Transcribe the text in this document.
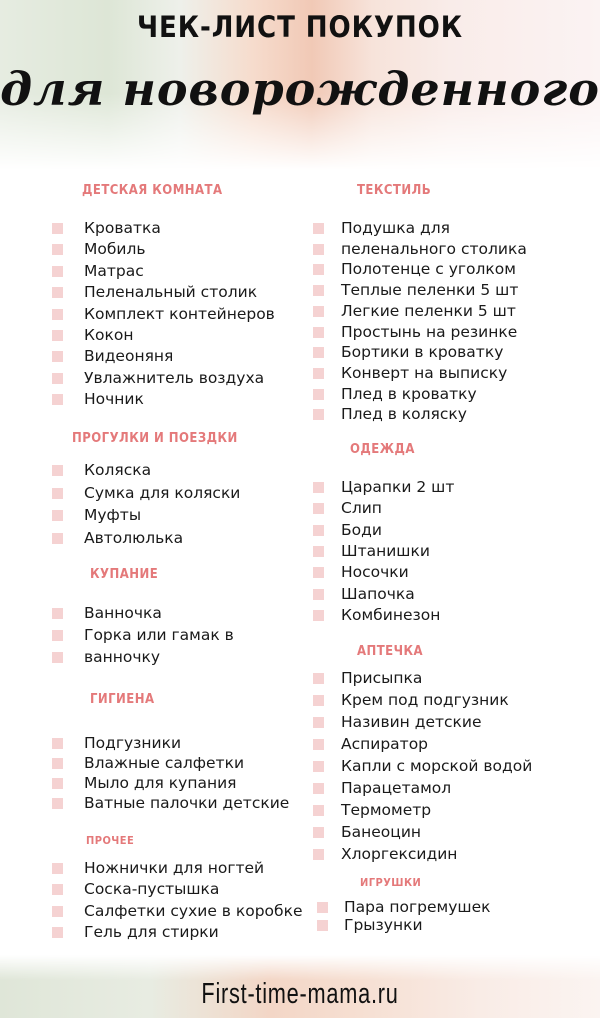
ЧЕК-ЛИСТ ПОКУПОК
для новорожденного
ДЕТСКАЯ КОМНАТА
Кроватка
Мобиль
Матрас
Пеленальный столик
Комплект контейнеров
Кокон
Видеоняня
Увлажнитель воздуха
Ночник
ПРОГУЛКИ И ПОЕЗДКИ
Коляска
Сумка для коляски
Муфты
Автолюлька
КУПАНИЕ
Ванночка
Горка или гамак в
ванночку
ГИГИЕНА
Подгузники
Влажные салфетки
Мыло для купания
Ватные палочки детские
ПРОЧЕЕ
Ножнички для ногтей
Соска-пустышка
Салфетки сухие в коробке
Гель для стирки
ТЕКСТИЛЬ
Подушка для
пеленального столика
Полотенце с уголком
Теплые пеленки 5 шт
Легкие пеленки 5 шт
Простынь на резинке
Бортики в кроватку
Конверт на выписку
Плед в кроватку
Плед в коляску
ОДЕЖДА
Царапки 2 шт
Слип
Боди
Штанишки
Носочки
Шапочка
Комбинезон
АПТЕЧКА
Присыпка
Крем под подгузник
Називин детские
Аспиратор
Капли с морской водой
Парацетамол
Термометр
Банеоцин
Хлоргексидин
ИГРУШКИ
Пара погремушек
Грызунки
First-time-mama.ru
